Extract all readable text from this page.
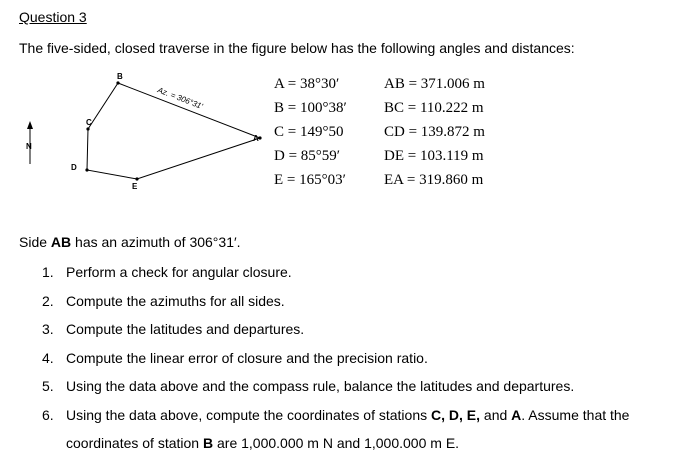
Question 3
The five-sided, closed traverse in the figure below has the following angles and distances:
N
B
C
D
E
A
Az. = 306°31′
A = 38°30′	AB = 371.006 m
B = 100°38′	BC = 110.222 m
C = 149°50	CD = 139.872 m
D = 85°59′	DE = 103.119 m
E = 165°03′	EA = 319.860 m
Side AB has an azimuth of 306°31′.
1. Perform a check for angular closure.
2. Compute the azimuths for all sides.
3. Compute the latitudes and departures.
4. Compute the linear error of closure and the precision ratio.
5. Using the data above and the compass rule, balance the latitudes and departures.
6. Using the data above, compute the coordinates of stations C, D, E, and A. Assume that the coordinates of station B are 1,000.000 m N and 1,000.000 m E.
